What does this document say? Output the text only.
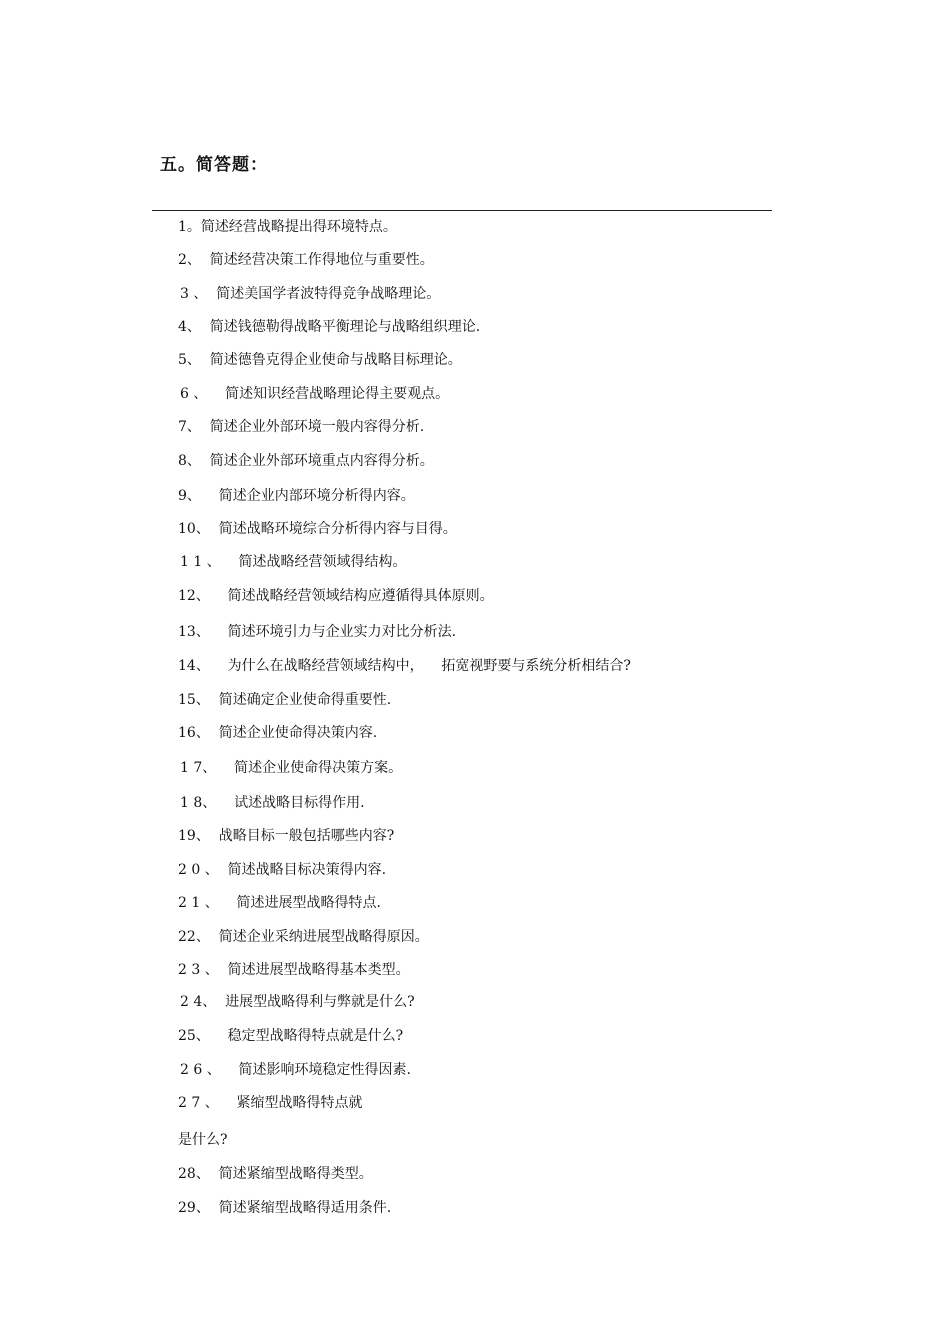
五。简答题：
1。简述经营战略提出得环境特点。
2、  简述经营决策工作得地位与重要性。
3 、  简述美国学者波特得竞争战略理论。
4、  简述钱德勒得战略平衡理论与战略组织理论.
5、  简述德鲁克得企业使命与战略目标理论。
6 、    简述知识经营战略理论得主要观点。
7、  简述企业外部环境一般内容得分析.
8、  简述企业外部环境重点内容得分析。
9、    简述企业内部环境分析得内容。
10、  简述战略环境综合分析得内容与目得。
1 1 、    简述战略经营领域得结构。
12、    简述战略经营领域结构应遵循得具体原则。
13、    简述环境引力与企业实力对比分析法.
14、    为什么在战略经营领域结构中，    拓宽视野要与系统分析相结合?
15、  简述确定企业使命得重要性.
16、  简述企业使命得决策内容.
1 7、    简述企业使命得决策方案。
1 8、    试述战略目标得作用.
19、  战略目标一般包括哪些内容?
2 0 、  简述战略目标决策得内容.
2 1 、    简述进展型战略得特点.
22、  简述企业采纳进展型战略得原因。
2 3 、  简述进展型战略得基本类型。
2 4、  进展型战略得利与弊就是什么?
25、    稳定型战略得特点就是什么?
2 6 、    简述影响环境稳定性得因素.
2 7 、    紧缩型战略得特点就
是什么?
28、  简述紧缩型战略得类型。
29、  简述紧缩型战略得适用条件.
